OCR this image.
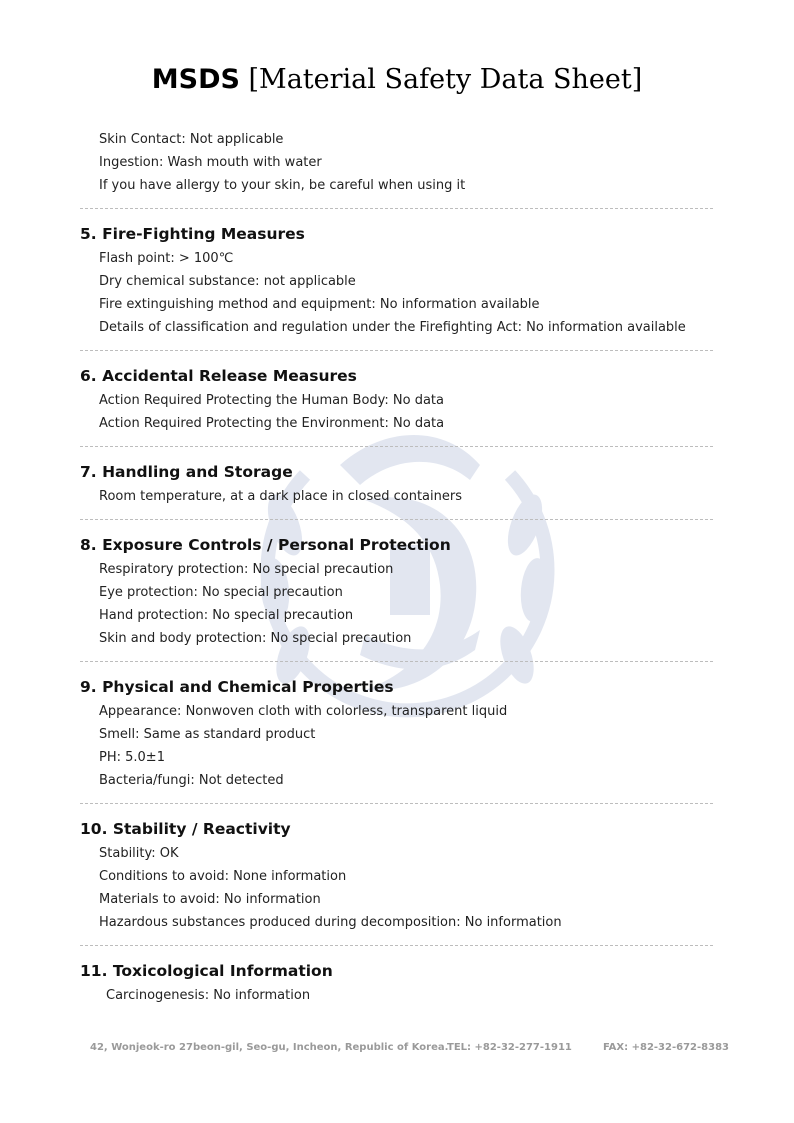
MSDS [Material Safety Data Sheet]
Skin Contact: Not applicable
Ingestion: Wash mouth with water
If you have allergy to your skin, be careful when using it
5. Fire-Fighting Measures
Flash point: > 100℃
Dry chemical substance: not applicable
Fire extinguishing method and equipment: No information available
Details of classification and regulation under the Firefighting Act: No information available
6. Accidental Release Measures
Action Required Protecting the Human Body: No data
Action Required Protecting the Environment: No data
7. Handling and Storage
Room temperature, at a dark place in closed containers
8. Exposure Controls / Personal Protection
Respiratory protection: No special precaution
Eye protection: No special precaution
Hand protection: No special precaution
Skin and body protection: No special precaution
9. Physical and Chemical Properties
Appearance: Nonwoven cloth with colorless, transparent liquid
Smell: Same as standard product
PH: 5.0±1
Bacteria/fungi: Not detected
10. Stability / Reactivity
Stability: OK
Conditions to avoid: None information
Materials to avoid: No information
Hazardous substances produced during decomposition: No information
11. Toxicological Information
Carcinogenesis: No information
42, Wonjeok-ro 27beon-gil, Seo-gu, Incheon, Republic of Korea.
TEL: +82-32-277-1911	FAX: +82-32-672-8383
